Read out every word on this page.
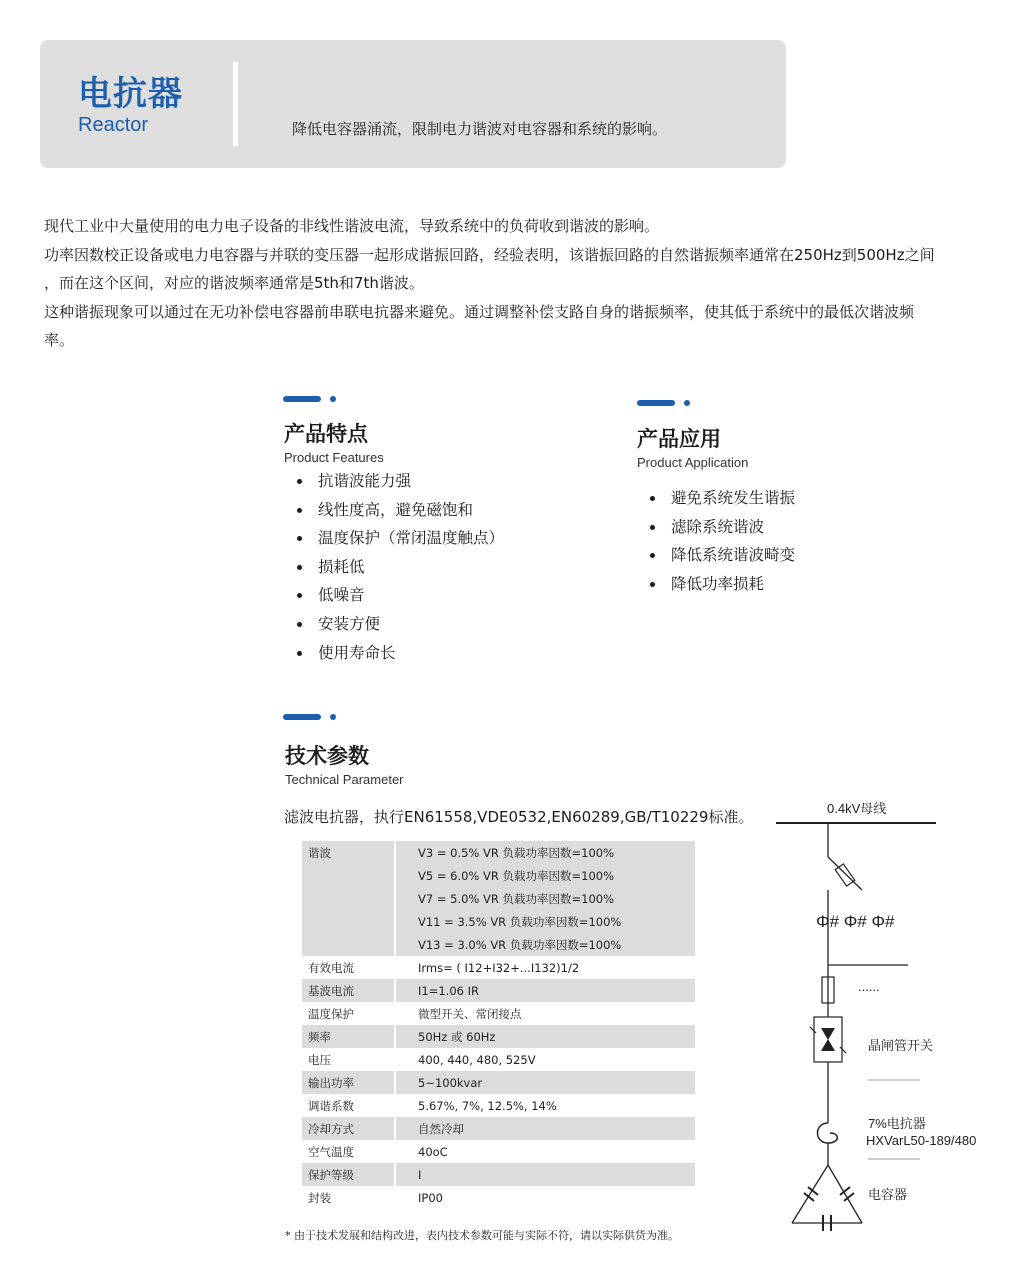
电抗器
Reactor	降低电容器涌流，限制电力谐波对电容器和系统的影响。

现代工业中大量使用的电力电子设备的非线性谐波电流，导致系统中的负荷收到谐波的影响。

功率因数校正设备或电力电容器与并联的变压器一起形成谐振回路，经验表明，该谐振回路的自然谐振频率通常在250Hz到500Hz之间

，而在这个区间，对应的谐波频率通常是5th和7th谐波。

这种谐振现象可以通过在无功补偿电容器前串联电抗器来避免。通过调整补偿支路自身的谐振频率，使其低于系统中的最低次谐波频

率。

产品特点
Product Features
抗谐波能力强
线性度高，避免磁饱和
温度保护（常闭温度触点）
损耗低
低噪音
安装方便
使用寿命长
产品应用
Product Application
避免系统发生谐振
滤除系统谐波
降低系统谐波畸变
降低功率损耗
技术参数
Technical Parameter
滤波电抗器，执行EN61558,VDE0532,EN60289,GB/T10229标准。
谐波	V3 = 0.5% VR 负载功率因数=100%
	V5 = 6.0% VR 负载功率因数=100%
	V7 = 5.0% VR 负载功率因数=100%
	V11 = 3.5% VR 负载功率因数=100%
	V13 = 3.0% VR 负载功率因数=100%
有效电流	Irms= ( I12+I32+...I132)1/2
基波电流	I1=1.06 IR
温度保护	微型开关、常闭接点
频率	50Hz 或 60Hz
电压	400, 440, 480, 525V
输出功率	5~100kvar
调谐系数	5.67%, 7%, 12.5%, 14%
冷却方式	自然冷却
空气温度	40oC
保护等级	I
封装	IP00
* 由于技术发展和结构改进，表内技术参数可能与实际不符，请以实际供货为准。
0.4kV母线
Φ# Φ# Φ#
......
晶闸管开关
7%电抗器
HXVarL50-189/480
电容器
